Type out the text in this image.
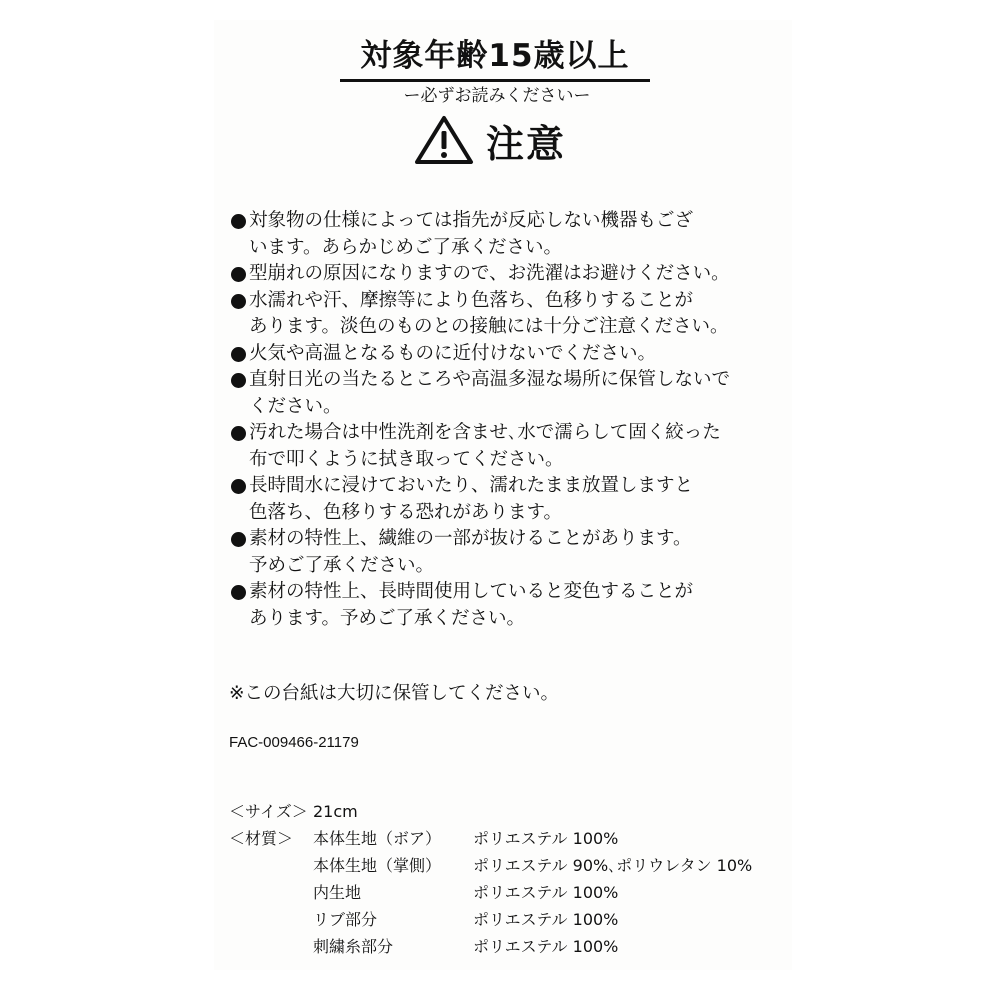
対象年齢15歳以上
ー必ずお読みくださいー
注意
対象物の仕様によっては指先が反応しない機器もござ
います。あらかじめご了承ください。
型崩れの原因になりますので、お洗濯はお避けください。
水濡れや汗、摩擦等により色落ち、色移りすることが
あります。淡色のものとの接触には十分ご注意ください。
火気や高温となるものに近付けないでください。
直射日光の当たるところや高温多湿な場所に保管しないで
ください。
汚れた場合は中性洗剤を含ませ､水で濡らして固く絞った
布で叩くように拭き取ってください。
長時間水に浸けておいたり、濡れたまま放置しますと
色落ち、色移りする恐れがあります。
素材の特性上、繊維の一部が抜けることがあります。
予めご了承ください。
素材の特性上、長時間使用していると変色することが
あります。予めご了承ください。
※この台紙は大切に保管してください。
FAC-009466-21179
＜サイズ＞ 21cm
＜材質＞	本体生地（ボア）	ポリエステル 100%
本体生地（掌側）	ポリエステル 90%､ポリウレタン 10%
内生地	ポリエステル 100%
リブ部分	ポリエステル 100%
刺繍糸部分	ポリエステル 100%
